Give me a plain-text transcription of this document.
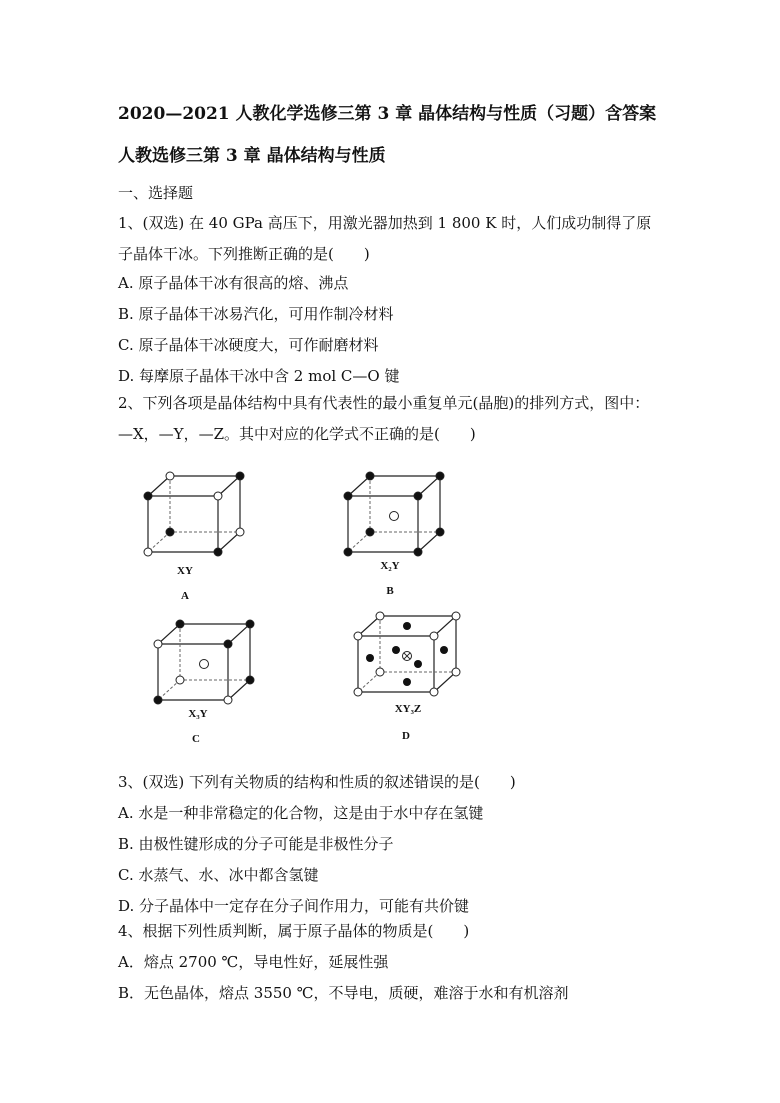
2020—2021 人教化学选修三第 3 章 晶体结构与性质（习题）含答案
人教选修三第 3 章 晶体结构与性质
一、选择题
1、(双选) 在 40 GPa 高压下，用激光器加热到 1 800 K 时，人们成功制得了原
子晶体干冰。下列推断正确的是(　　)
A. 原子晶体干冰有很高的熔、沸点
B. 原子晶体干冰易汽化，可用作制冷材料
C. 原子晶体干冰硬度大，可作耐磨材料
D. 每摩原子晶体干冰中含 2 mol C—O 键
2、下列各项是晶体结构中具有代表性的最小重复单元(晶胞)的排列方式，图中：
—X，—Y，—Z。其中对应的化学式不正确的是(　　)
XY
A
X₂Y
B
X₃Y
C
XY₃Z
D
3、(双选) 下列有关物质的结构和性质的叙述错误的是(　　)
A. 水是一种非常稳定的化合物，这是由于水中存在氢键
B. 由极性键形成的分子可能是非极性分子
C. 水蒸气、水、冰中都含氢键
D. 分子晶体中一定存在分子间作用力，可能有共价键
4、根据下列性质判断，属于原子晶体的物质是(　　)
A．熔点 2700 ℃，导电性好，延展性强
B．无色晶体，熔点 3550 ℃，不导电，质硬，难溶于水和有机溶剂
